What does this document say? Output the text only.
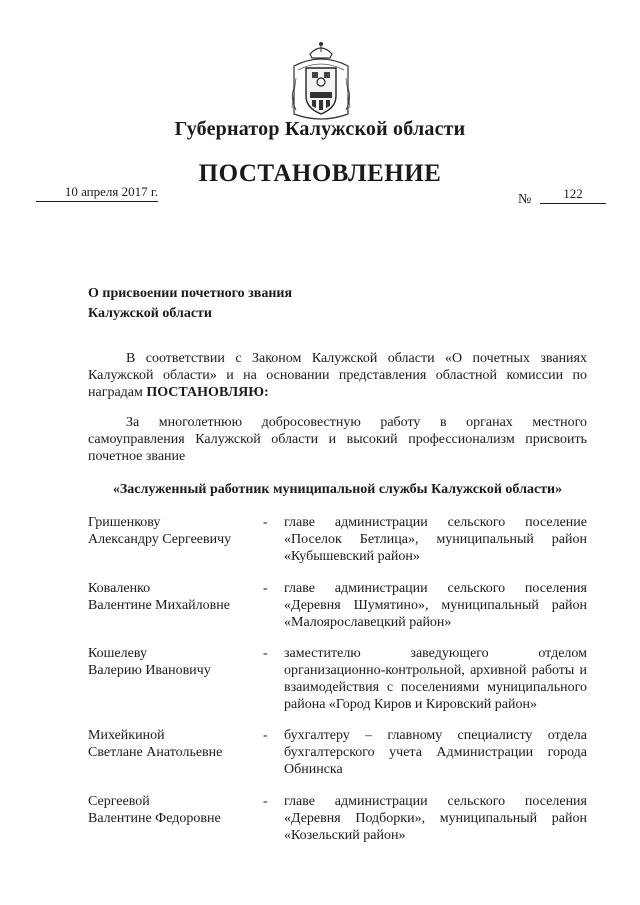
Губернатор Калужской области
ПОСТАНОВЛЕНИЕ
10 апреля 2017 г.
№	122
О присвоении почетного звания
Калужской области
В соответствии с Законом Калужской области «О почетных званиях Калужской области» и на основании представления областной комиссии по наградам ПОСТАНОВЛЯЮ:
За многолетнюю добросовестную работу в органах местного самоуправления Калужской области и высокий профессионализм присвоить почетное звание
«Заслуженный работник муниципальной службы Калужской области»
Гришенкову
Александру Сергеевичу
- главе администрации сельского поселение «Поселок Бетлица», муниципальный район «Кубышевский район»
Коваленко
Валентине Михайловне
- главе администрации сельского поселения «Деревня Шумятино», муниципальный район «Малоярославецкий район»
Кошелеву
Валерию Ивановичу
- заместителю заведующего отделом организационно-контрольной, архивной работы и взаимодействия с поселениями муниципального района «Город Киров и Кировский район»
Михейкиной
Светлане Анатольевне
- бухгалтеру – главному специалисту отдела бухгалтерского учета Администрации города Обнинска
Сергеевой
Валентине Федоровне
- главе администрации сельского поселения «Деревня Подборки», муниципальный район «Козельский район»
